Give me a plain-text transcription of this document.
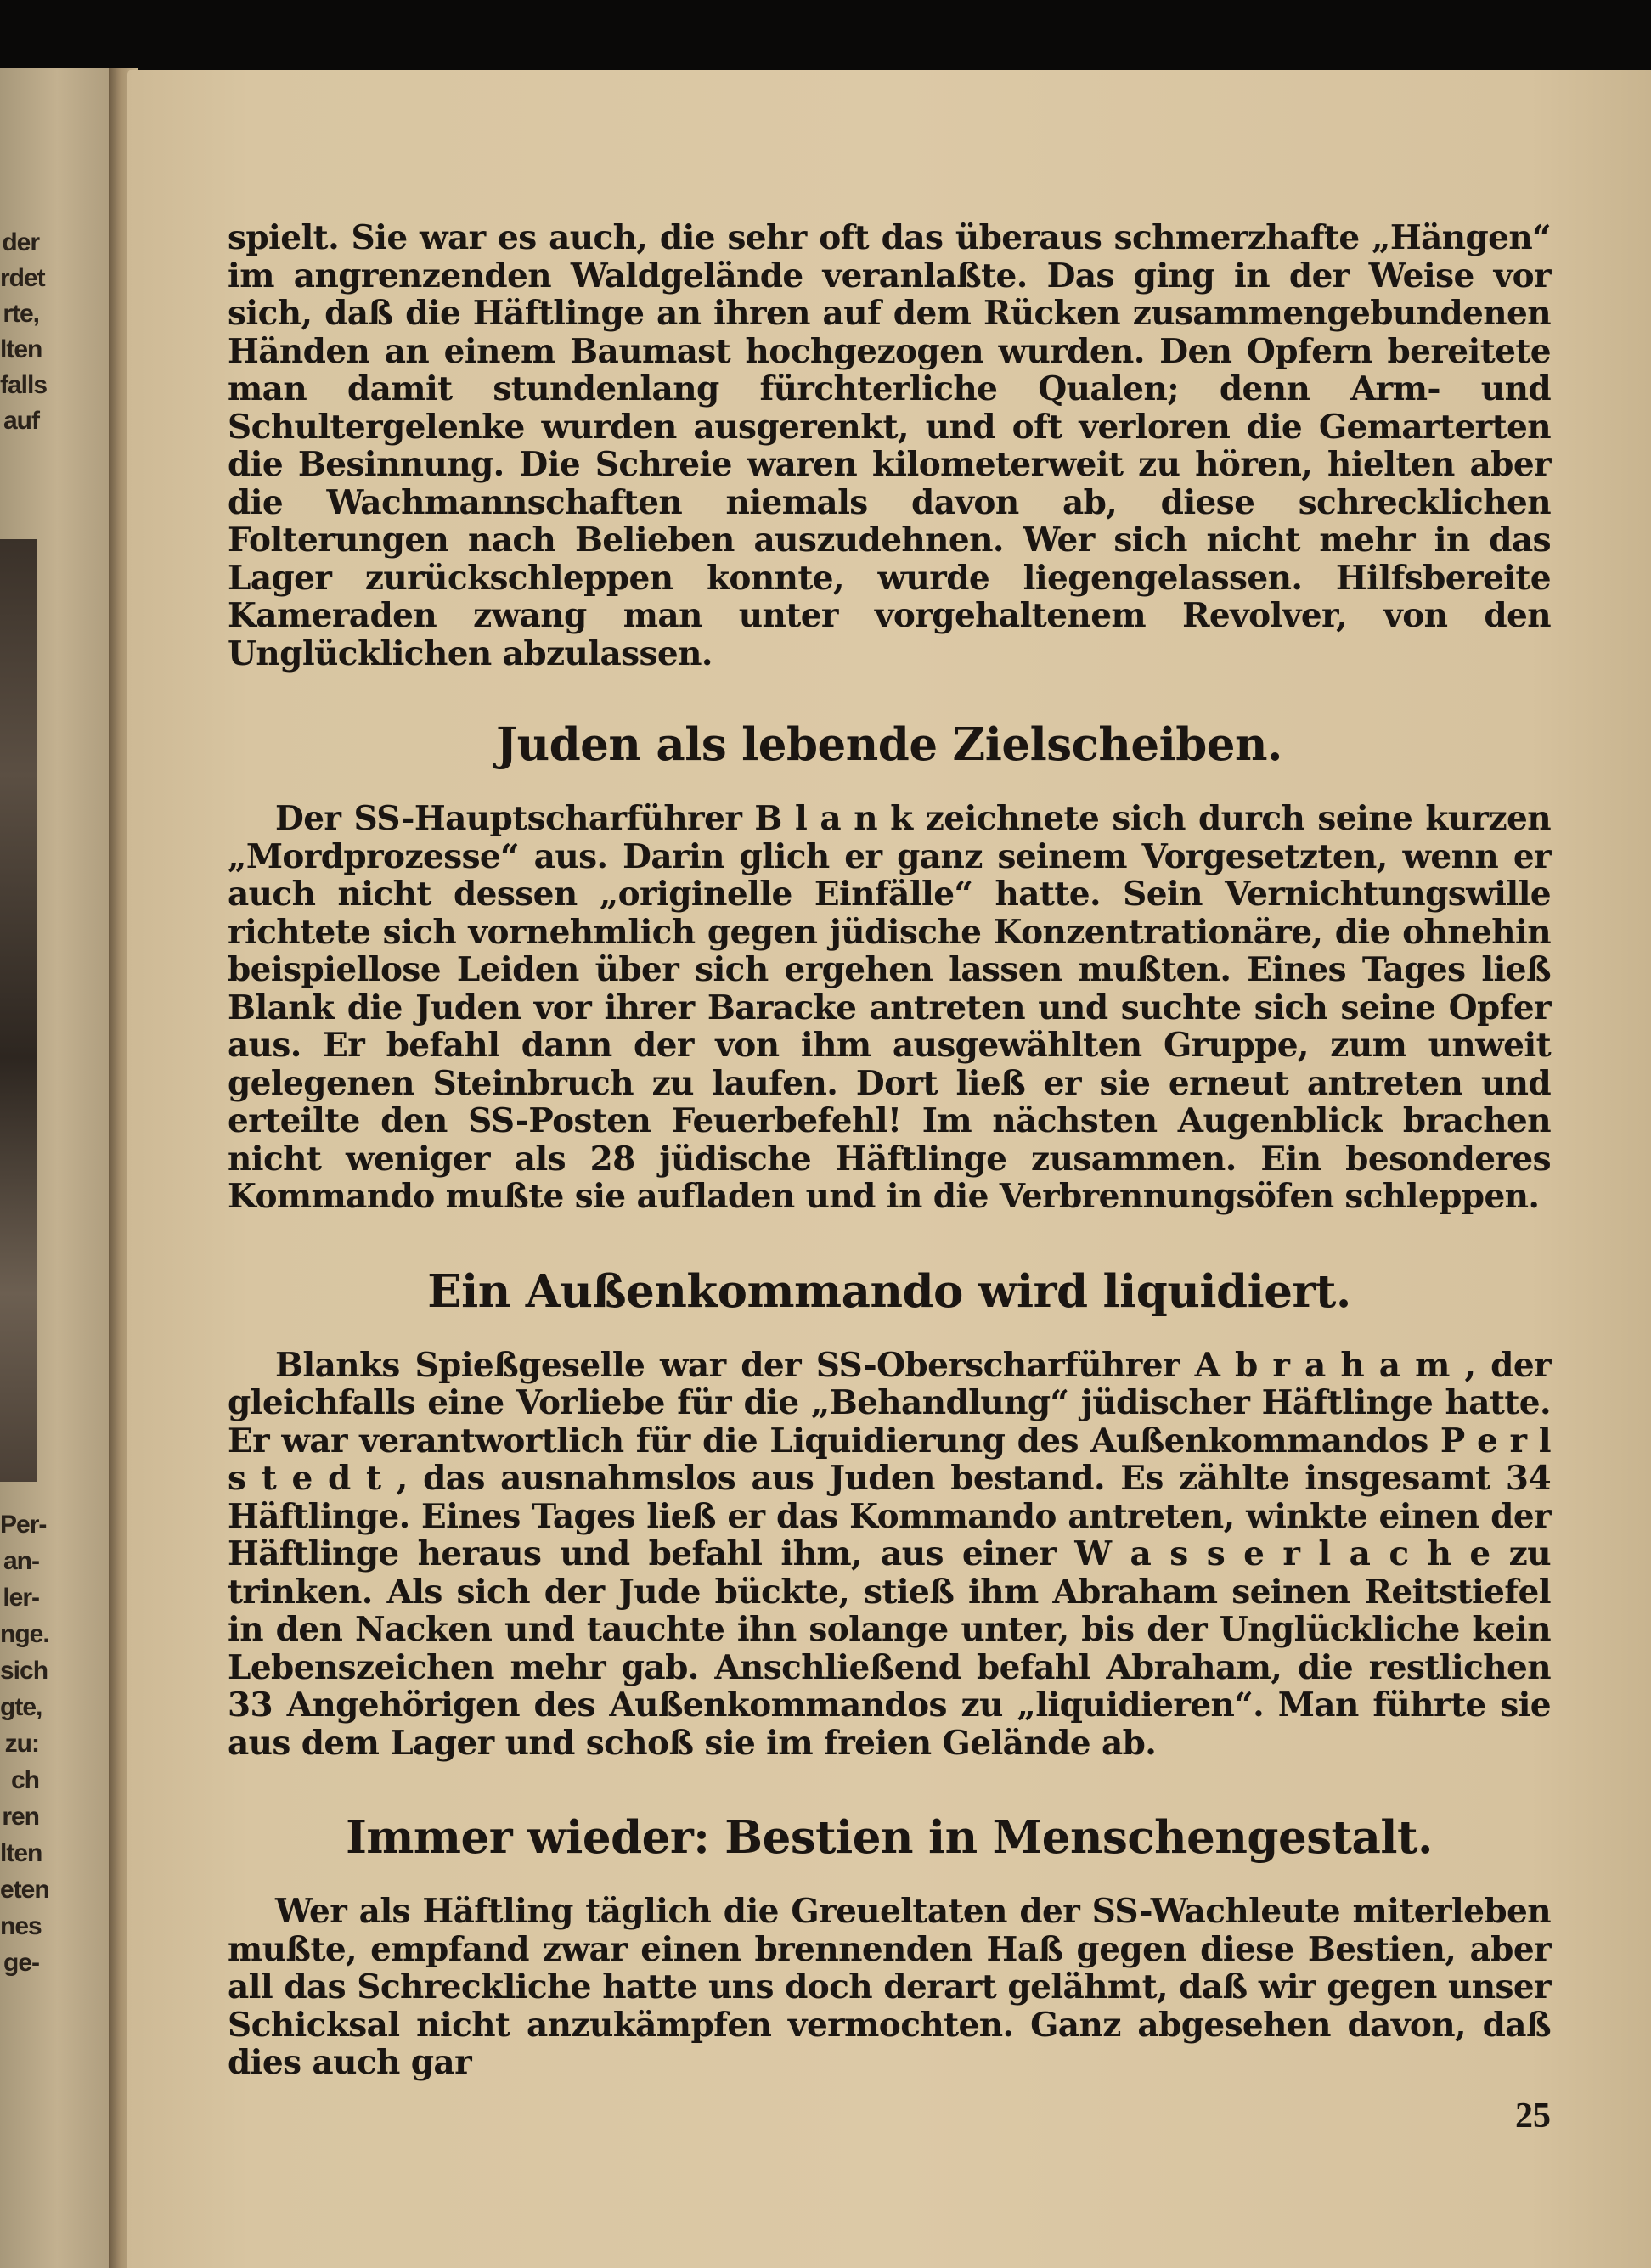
der
rdet
rte,
lten
falls
auf
Per-
an-
ler-
nge.
sich
gte,
zu:
ch
ren
lten
eten
nes
ge-

spielt. Sie war es auch, die sehr oft das überaus schmerzhafte „Hängen“ im angrenzenden Waldgelände veranlaßte. Das ging in der Weise vor sich, daß die Häftlinge an ihren auf dem Rücken zusammengebundenen Händen an einem Baumast hochgezogen wurden. Den Opfern bereitete man damit stundenlang fürchterliche Qualen; denn Arm- und Schultergelenke wurden ausgerenkt, und oft verloren die Gemarterten die Besinnung. Die Schreie waren kilometerweit zu hören, hielten aber die Wachmannschaften niemals davon ab, diese schrecklichen Folterungen nach Belieben auszudehnen. Wer sich nicht mehr in das Lager zurückschleppen konnte, wurde liegengelassen. Hilfsbereite Kameraden zwang man unter vorgehaltenem Revolver, von den Unglücklichen abzulassen.

Juden als lebende Zielscheiben.

Der SS-Hauptscharführer B l a n k zeichnete sich durch seine kurzen „Mordprozesse“ aus. Darin glich er ganz seinem Vorgesetzten, wenn er auch nicht dessen „originelle Einfälle“ hatte. Sein Vernichtungswille richtete sich vornehmlich gegen jüdische Konzentrationäre, die ohnehin beispiellose Leiden über sich ergehen lassen mußten. Eines Tages ließ Blank die Juden vor ihrer Baracke antreten und suchte sich seine Opfer aus. Er befahl dann der von ihm ausgewählten Gruppe, zum unweit gelegenen Steinbruch zu laufen. Dort ließ er sie erneut antreten und erteilte den SS-Posten Feuerbefehl! Im nächsten Augenblick brachen nicht weniger als 28 jüdische Häftlinge zusammen. Ein besonderes Kommando mußte sie aufladen und in die Verbrennungsöfen schleppen.

Ein Außenkommando wird liquidiert.

Blanks Spießgeselle war der SS-Oberscharführer A b r a h a m , der gleichfalls eine Vorliebe für die „Behandlung“ jüdischer Häftlinge hatte. Er war verantwortlich für die Liquidierung des Außenkommandos P e r l s t e d t , das ausnahmslos aus Juden bestand. Es zählte insgesamt 34 Häftlinge. Eines Tages ließ er das Kommando antreten, winkte einen der Häftlinge heraus und befahl ihm, aus einer W a s s e r l a c h e zu trinken. Als sich der Jude bückte, stieß ihm Abraham seinen Reitstiefel in den Nacken und tauchte ihn solange unter, bis der Unglückliche kein Lebenszeichen mehr gab. Anschließend befahl Abraham, die restlichen 33 Angehörigen des Außenkommandos zu „liquidieren“. Man führte sie aus dem Lager und schoß sie im freien Gelände ab.

Immer wieder: Bestien in Menschengestalt.

Wer als Häftling täglich die Greueltaten der SS-Wachleute miterleben mußte, empfand zwar einen brennenden Haß gegen diese Bestien, aber all das Schreckliche hatte uns doch derart gelähmt, daß wir gegen unser Schicksal nicht anzukämpfen vermochten. Ganz abgesehen davon, daß dies auch gar

25
